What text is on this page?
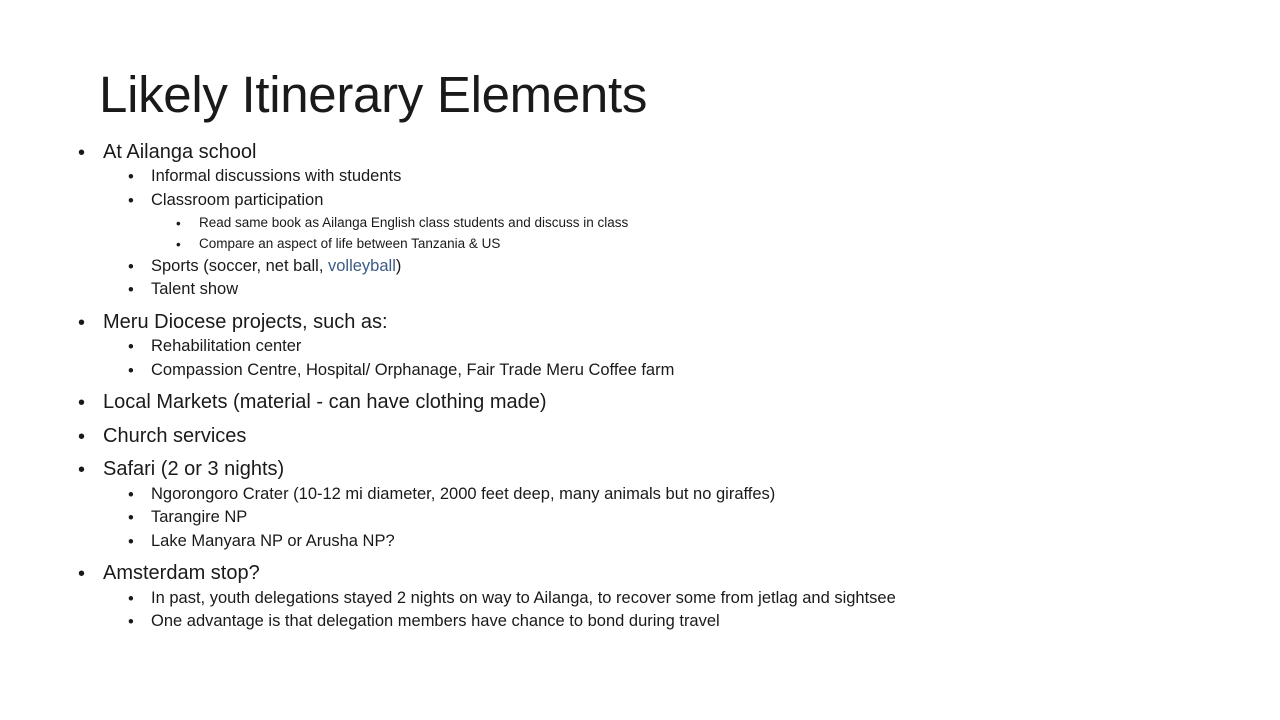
Likely Itinerary Elements
• At Ailanga school
• Informal discussions with students
• Classroom participation
• Read same book as Ailanga English class students and discuss in class
• Compare an aspect of life between Tanzania & US
• Sports (soccer, net ball, volleyball)
• Talent show
• Meru Diocese projects, such as:
• Rehabilitation center
• Compassion Centre, Hospital/ Orphanage, Fair Trade Meru Coffee farm
• Local Markets (material - can have clothing made)
• Church services
• Safari (2 or 3 nights)
• Ngorongoro Crater (10-12 mi diameter, 2000 feet deep, many animals but no giraffes)
• Tarangire NP
• Lake Manyara NP or Arusha NP?
• Amsterdam stop?
• In past, youth delegations stayed 2 nights on way to Ailanga, to recover some from jetlag and sightsee
• One advantage is that delegation members have chance to bond during travel
